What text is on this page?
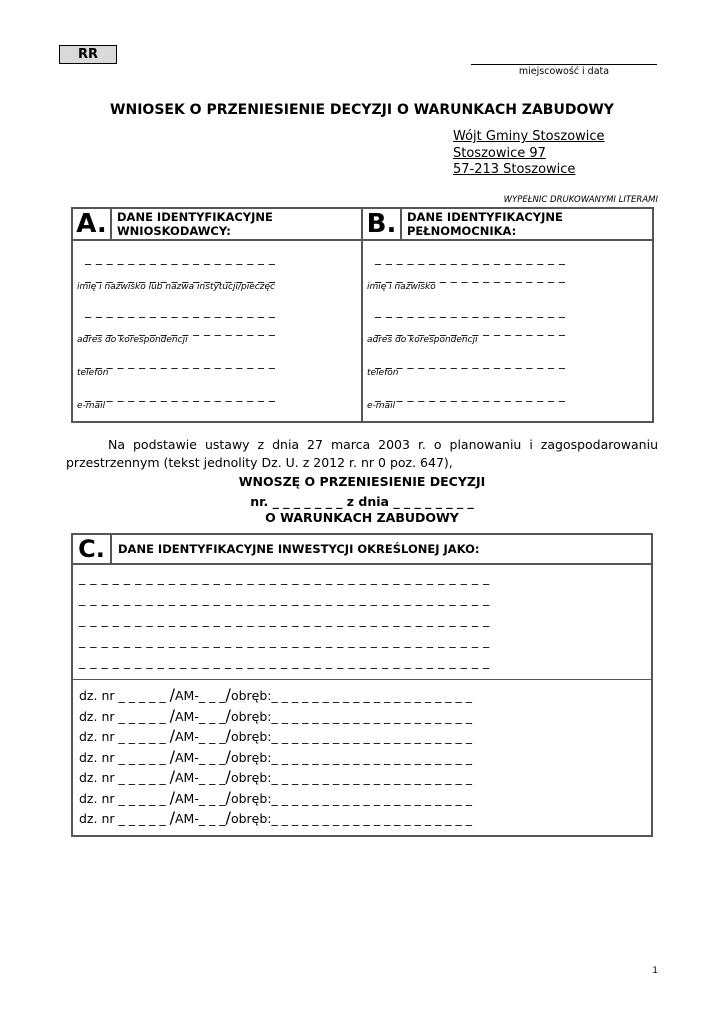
RR
miejscowość i data
WNIOSEK O PRZENIESIENIE DECYZJI O WARUNKACH ZABUDOWY
Wójt Gminy Stoszowice
Stoszowice 97
57-213 Stoszowice
WYPEŁNIC DRUKOWANYMI LITERAMI
A. DANE IDENTYFIKACYJNE
WNIOSKODAWCY:	B. DANE IDENTYFIKACYJNE
PEŁNOMOCNIKA:
_ _ _ _ _ _ _ _ _ _ _ _ _ _ _ _ _ _
_ _ _ _ _ _ _ _ _ _ _ _ _ _ _ _ _ _
imię i nazwisko lub nazwa instytucji/pieczęć
_ _ _ _ _ _ _ _ _ _ _ _ _ _ _ _ _ _
_ _ _ _ _ _ _ _ _ _ _ _ _ _ _ _ _ _
adres do korespondencji
_ _ _ _ _ _ _ _ _ _ _ _ _ _ _ _ _ _
telefon
_ _ _ _ _ _ _ _ _ _ _ _ _ _ _ _ _ _
e-mail
_ _ _ _ _ _ _ _ _ _ _ _ _ _ _ _ _ _
_ _ _ _ _ _ _ _ _ _ _ _ _ _ _ _ _ _
imię i nazwisko
_ _ _ _ _ _ _ _ _ _ _ _ _ _ _ _ _ _
_ _ _ _ _ _ _ _ _ _ _ _ _ _ _ _ _ _
adres do korespondencji
_ _ _ _ _ _ _ _ _ _ _ _ _ _ _ _ _ _
telefon
_ _ _ _ _ _ _ _ _ _ _ _ _ _ _ _ _ _
e-mail
Na podstawie ustawy z dnia 27 marca 2003 r. o planowaniu i zagospodarowaniu przestrzennym (tekst jednolity Dz. U. z 2012 r. nr 0 poz. 647),
WNOSZĘ O PRZENIESIENIE DECYZJI
nr. _ _ _ _ _ _ _ z dnia _ _ _ _ _ _ _ _
O WARUNKACH ZABUDOWY
C.	DANE IDENTYFIKACYJNE INWESTYCJI OKREŚLONEJ JAKO:
_ _ _ _ _ _ _ _ _ _ _ _ _ _ _ _ _ _ _ _ _ _ _ _ _ _ _ _ _ _ _ _ _ _ _ _ _
_ _ _ _ _ _ _ _ _ _ _ _ _ _ _ _ _ _ _ _ _ _ _ _ _ _ _ _ _ _ _ _ _ _ _ _ _
_ _ _ _ _ _ _ _ _ _ _ _ _ _ _ _ _ _ _ _ _ _ _ _ _ _ _ _ _ _ _ _ _ _ _ _ _
_ _ _ _ _ _ _ _ _ _ _ _ _ _ _ _ _ _ _ _ _ _ _ _ _ _ _ _ _ _ _ _ _ _ _ _ _
_ _ _ _ _ _ _ _ _ _ _ _ _ _ _ _ _ _ _ _ _ _ _ _ _ _ _ _ _ _ _ _ _ _ _ _ _
dz. nr _ _ _ _ _ /AM-_ _ _/obręb:_ _ _ _ _ _ _ _ _ _ _ _ _ _ _ _ _ _ _ _
dz. nr _ _ _ _ _ /AM-_ _ _/obręb:_ _ _ _ _ _ _ _ _ _ _ _ _ _ _ _ _ _ _ _
dz. nr _ _ _ _ _ /AM-_ _ _/obręb:_ _ _ _ _ _ _ _ _ _ _ _ _ _ _ _ _ _ _ _
dz. nr _ _ _ _ _ /AM-_ _ _/obręb:_ _ _ _ _ _ _ _ _ _ _ _ _ _ _ _ _ _ _ _
dz. nr _ _ _ _ _ /AM-_ _ _/obręb:_ _ _ _ _ _ _ _ _ _ _ _ _ _ _ _ _ _ _ _
dz. nr _ _ _ _ _ /AM-_ _ _/obręb:_ _ _ _ _ _ _ _ _ _ _ _ _ _ _ _ _ _ _ _
dz. nr _ _ _ _ _ /AM-_ _ _/obręb:_ _ _ _ _ _ _ _ _ _ _ _ _ _ _ _ _ _ _ _
1
